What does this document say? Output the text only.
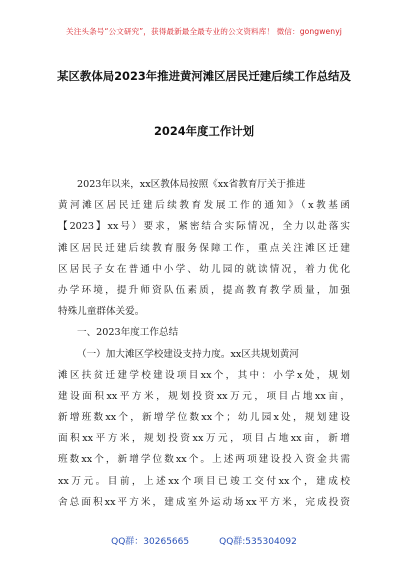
关注头条号“公文研究”，获得最新最全最专业的公文资料库！ 微信：gongwenyj
某区教体局2023年推进黄河滩区居民迁建后续工作总结及
2024年度工作计划
2023年以来，xx区教体局按照《xx省教育厅关于推进
黄河滩区居民迁建后续教育发展工作的通知》（x教基函
【2023】xx号）要求，紧密结合实际情况，全力以赴落实
滩区居民迁建后续教育服务保障工作，重点关注滩区迁建
区居民子女在普通中小学、幼儿园的就读情况，着力优化
办学环境，提升师资队伍素质，提高教育教学质量，加强
特殊儿童群体关爱。
一、2023年度工作总结
（一）加大滩区学校建设支持力度。xx区共规划黄河
滩区扶贫迁建学校建设项目xx个，其中：小学x处，规划
建设面积xx平方米，规划投资xx万元，项目占地xx亩，
新增班数xx个，新增学位数xx个；幼儿园x处，规划建设
面积xx平方米，规划投资xx万元，项目占地xx亩，新增
班数xx个，新增学位数xx个。上述两项建设投入资金共需
xx万元。目前，上述xx个项目已竣工交付xx个，建成校
舍总面积xx平方米，建成室外运动场xx平方米，完成投资
QQ群：30265665	QQ群:535304092
